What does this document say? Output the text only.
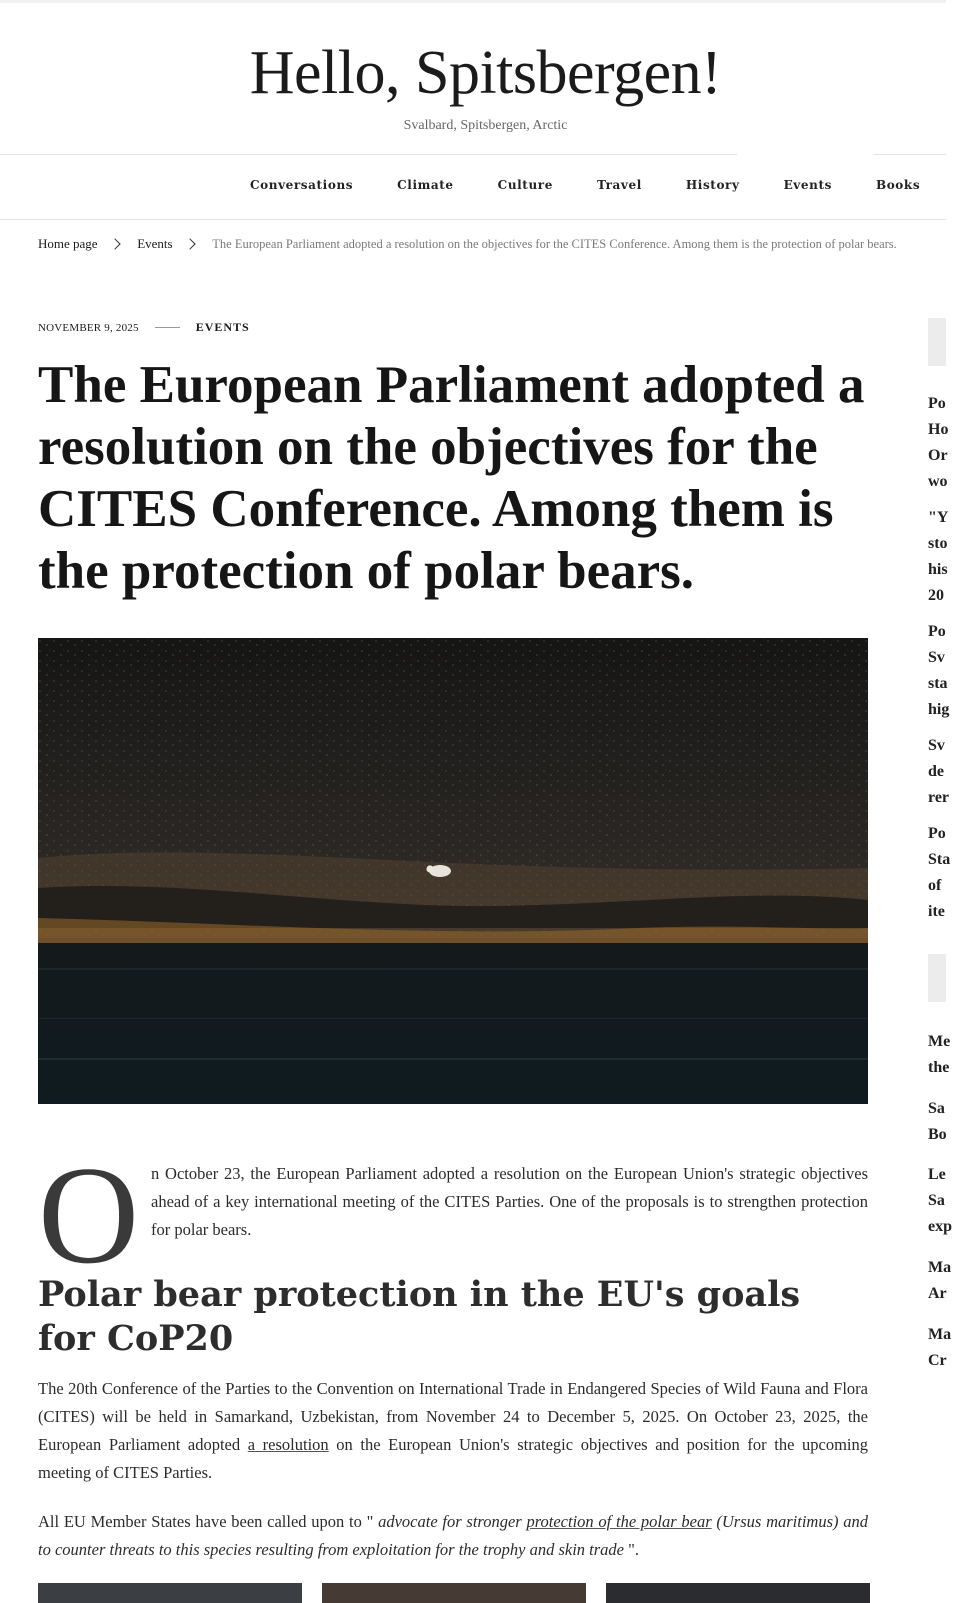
Hello, Spitsbergen!
Svalbard, Spitsbergen, Arctic
Conversations	Climate	Culture	Travel	History	Events	Books
Home page	Events	The European Parliament adopted a resolution on the objectives for the CITES Conference. Among them is the protection of polar bears.
NOVEMBER 9, 2025	EVENTS
The European Parliament adopted a resolution on the objectives for the CITES Conference. Among them is the protection of polar bears.
O n October 23, the European Parliament adopted a resolution on the European Union's strategic objectives ahead of a key international meeting of the CITES Parties. One of the proposals is to strengthen protection for polar bears.

Polar bear protection in the EU's goals for CoP20

The 20th Conference of the Parties to the Convention on International Trade in Endangered Species of Wild Fauna and Flora (CITES) will be held in Samarkand, Uzbekistan, from November 24 to December 5, 2025. On October 23, 2025, the European Parliament adopted a resolution on the European Union's strategic objectives and position for the upcoming meeting of CITES Parties.

All EU Member States have been called upon to " advocate for stronger protection of the polar bear (Ursus maritimus) and to counter threats to this species resulting from exploitation for the trophy and skin trade ".

Po
Ho
Or
wo
"Y
sto
his
20
Po
Sv
sta
hig
Sv
de
rer
Po
Sta
of
ite
Me
the
Sa
Bo
Le
Sa
exp
Ma
Ar
Ma
Cr
